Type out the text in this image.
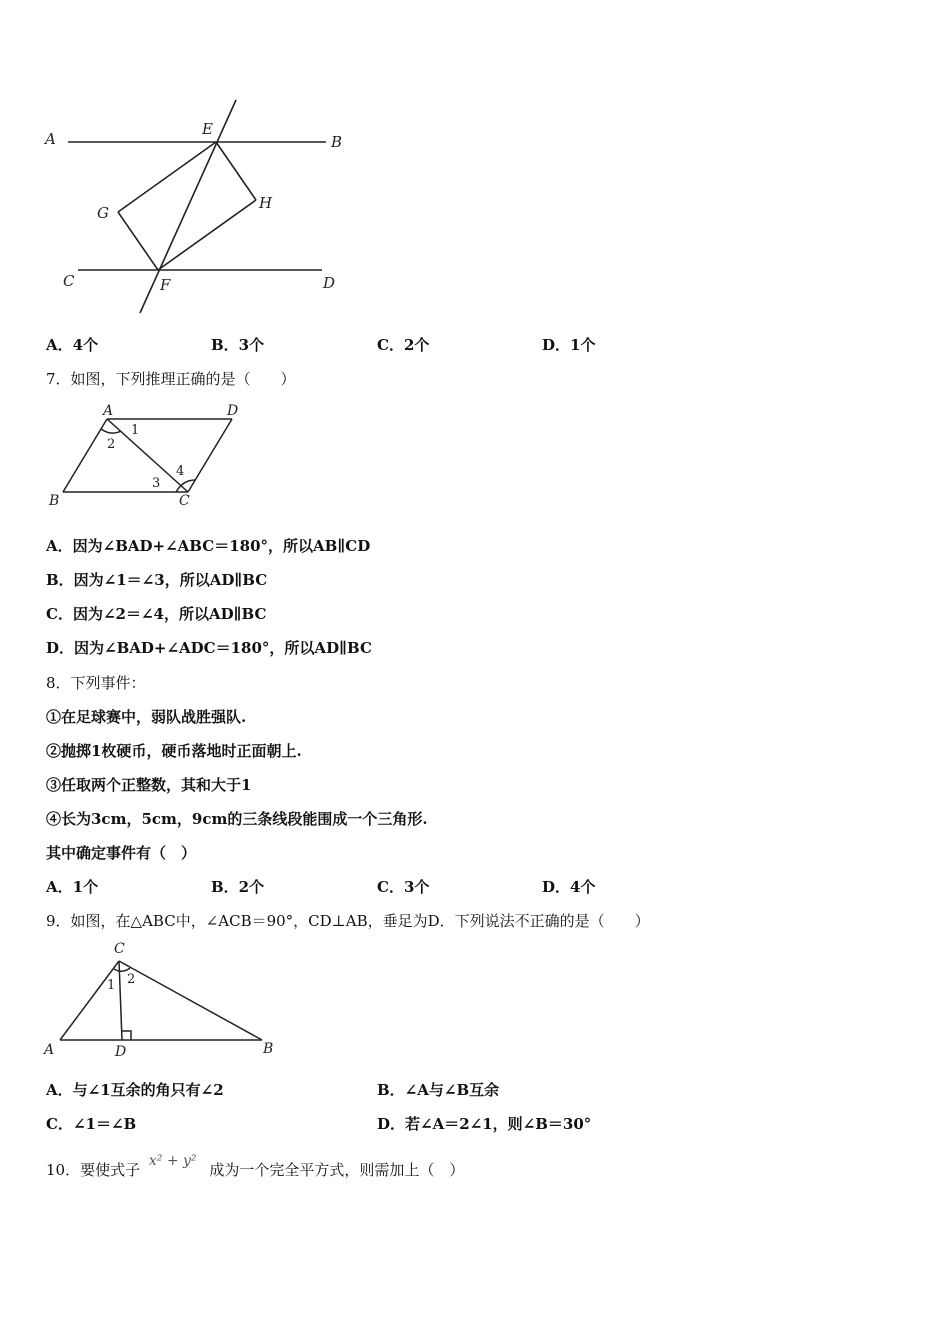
A
E
B
G
H
C	F	D
A．4个	B．3个	C．2个	D．1个
7．如图，下列推理正确的是（　　）
A	D
B	C
1
2
3
4
A．因为∠BAD+∠ABC＝180°，所以AB∥CD
B．因为∠1＝∠3，所以AD∥BC
C．因为∠2＝∠4，所以AD∥BC
D．因为∠BAD+∠ADC＝180°，所以AD∥BC
8．下列事件：
①在足球赛中，弱队战胜强队.
②抛掷1枚硬币，硬币落地时正面朝上.
③任取两个正整数，其和大于1
④长为3cm，5cm，9cm的三条线段能围成一个三角形.
其中确定事件有（　）
A．1个	B．2个	C．3个	D．4个
9．如图，在△ABC中，∠ACB＝90°，CD⊥AB，垂足为D．下列说法不正确的是（　　）
C
A	D	B
1 2
A．与∠1互余的角只有∠2	B．∠A与∠B互余
C．∠1＝∠B	D．若∠A＝2∠1，则∠B＝30°
10．要使式子 x² + y² 成为一个完全平方式，则需加上（　）
